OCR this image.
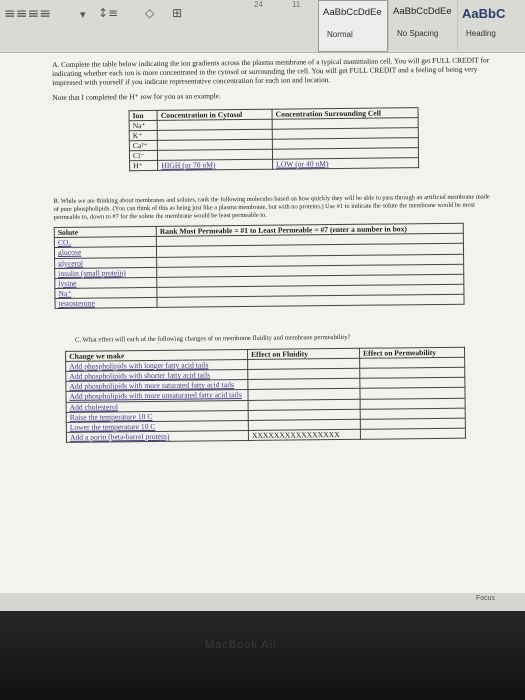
≡≡≡≡	▾ ↕≡ ◇ ⊞
24	11
AaBbCcDdEe
Normal
AaBbCcDdEe
No Spacing
AaBbC
Heading

A. Complete the table below indicating the ion gradients across the plasma membrane of a typical mammalian cell. You will get FULL CREDIT for indicating whether each ion is more concentrated in the cytosol or surrounding the cell. You will get FULL CREDIT and a feeling of being very impressed with yourself if you indicate representative concentration for each ion and location.

Note that I completed the H⁺ row for you as an example.

Ion	Concentration in Cytosol	Concentration Surrounding Cell
Na⁺		
K⁺		
Ca²⁺		
Cl⁻		
H⁺	HIGH (or 70 nM)	LOW (or 40 nM)

B. While we are thinking about membranes and solutes, rank the following molecules based on how quickly they will be able to pass through an artificial membrane made of pure phospholipids. (You can think of this as being just like a plasma membrane, but with no proteins.) Use #1 to indicate the solute the membrane would be most permeable to, down to #7 for the solute the membrane would be least permeable to.

Solute	Rank Most Permeable = #1 to Least Permeable = #7 (enter a number in box)
CO₂	
glucose	
glycerol	
insulin (small protein)	
lysine	
Na⁺	
testosterone	

C. What effect will each of the following changes of on membrane fluidity and membrane permeability?

Change we make	Effect on Fluidity	Effect on Permeability
Add phospholipids with longer fatty acid tails		
Add phospholipids with shorter fatty acid tails		
Add phospholipids with more saturated fatty acid tails		
Add phospholipids with more unsaturated fatty acid tails		
Add cholesterol		
Raise the temperature 10 C		
Lower the temperature 10 C		
Add a porin (beta-barrel protein)	XXXXXXXXXXXXXXXX	
MacBook Air
Focus
